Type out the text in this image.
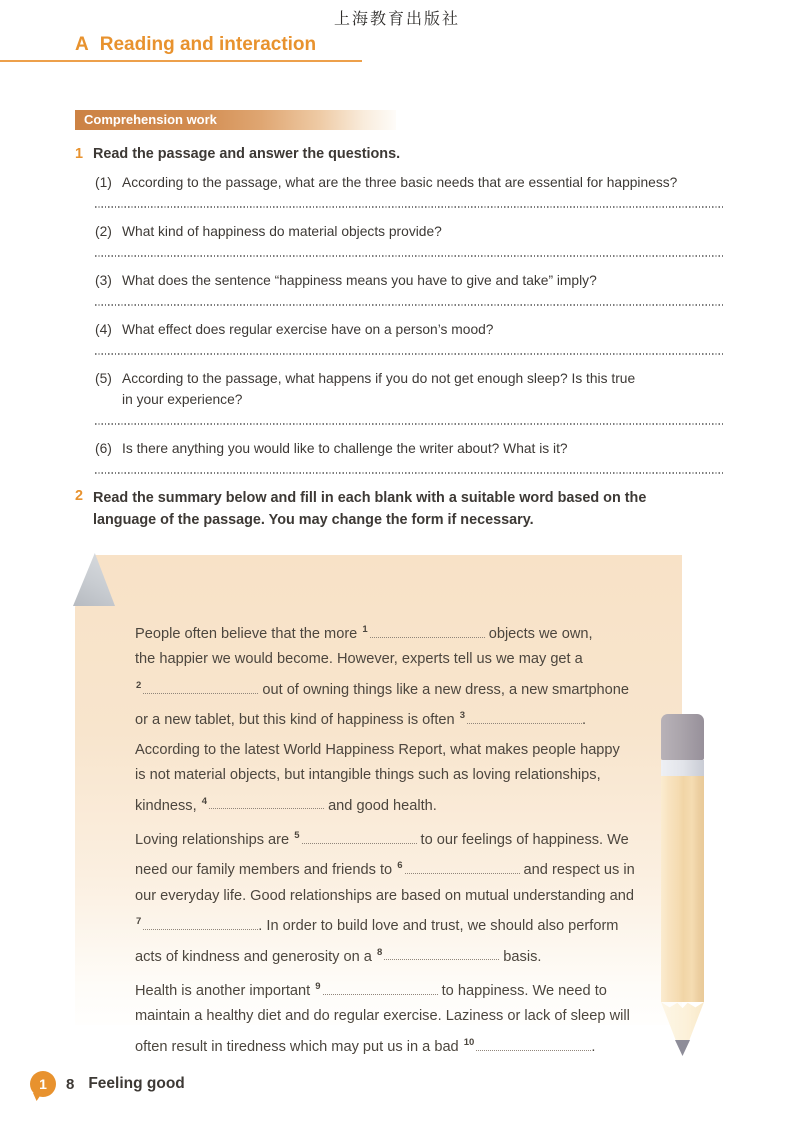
上海教育出版社
A Reading and interaction
Comprehension work
1 Read the passage and answer the questions.
(1) According to the passage, what are the three basic needs that are essential for happiness?
(2) What kind of happiness do material objects provide?
(3) What does the sentence “happiness means you have to give and take” imply?
(4) What effect does regular exercise have on a person’s mood?
(5) According to the passage, what happens if you do not get enough sleep? Is this true
in your experience?
(6) Is there anything you would like to challenge the writer about? What is it?
2 Read the summary below and fill in each blank with a suitable word based on the
language of the passage. You may change the form if necessary.
People often believe that the more $^1$	objects we own,
the happier we would become. However, experts tell us we may get a
$^2$	out of owning things like a new dress, a new smartphone
or a new tablet, but this kind of happiness is often $^3$	.
According to the latest World Happiness Report, what makes people happy
is not material objects, but intangible things such as loving relationships,
kindness, $^4$	and good health.
Loving relationships are $^5$	to our feelings of happiness. We
need our family members and friends to $^6$	and respect us in
our everyday life. Good relationships are based on mutual understanding and
$^7$	. In order to build love and trust, we should also perform
acts of kindness and generosity on a $^8$	basis.
Health is another important $^9$	to happiness. We need to
maintain a healthy diet and do regular exercise. Laziness or lack of sleep will
often result in tiredness which may put us in a bad $^{10}$	.
1 8 Feeling good
